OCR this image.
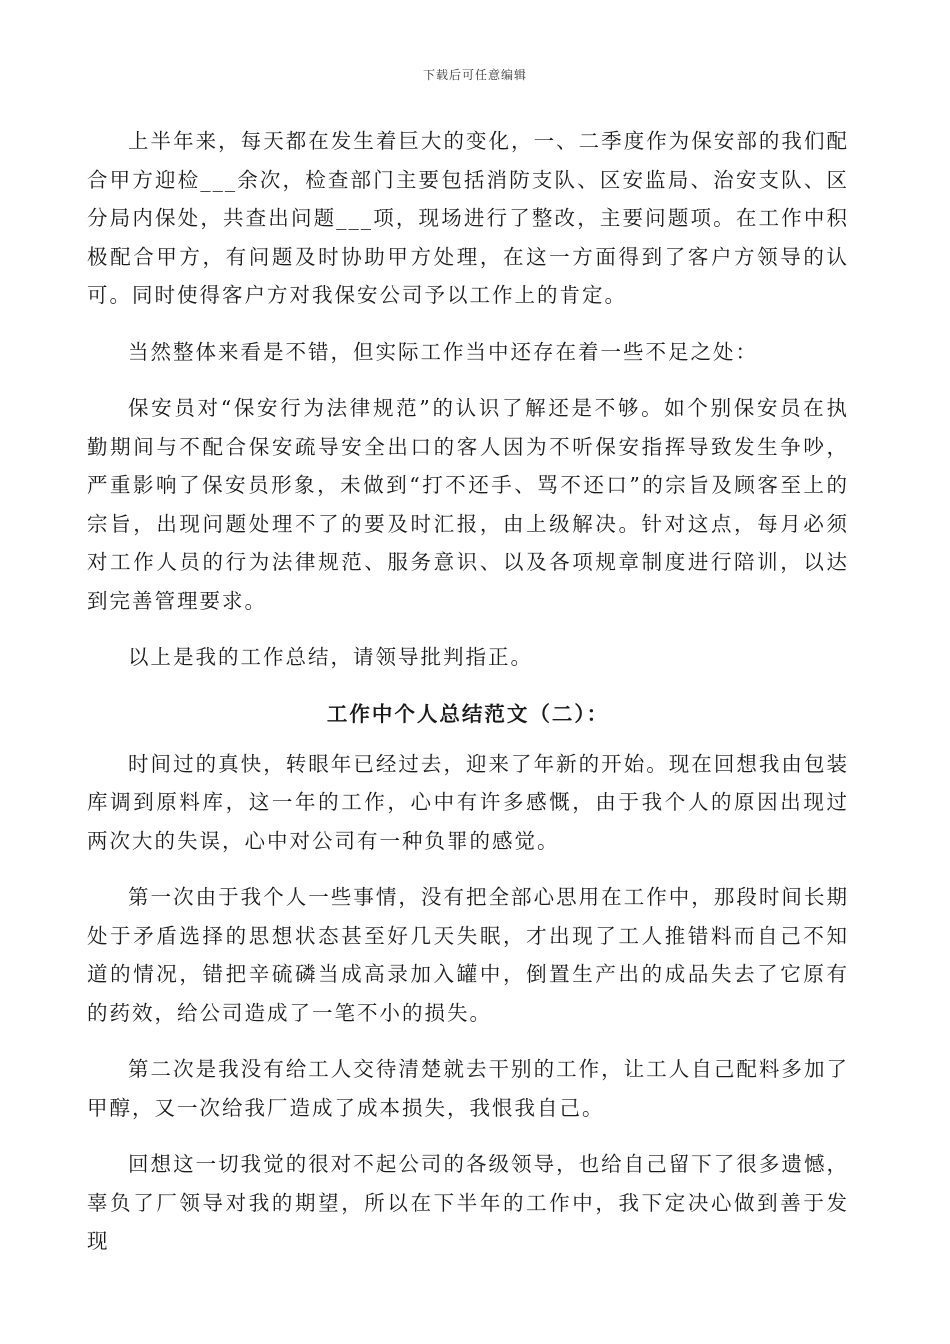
下载后可任意编辑

上半年来，每天都在发生着巨大的变化，一、二季度作为保安部的我们配合甲方迎检___余次，检查部门主要包括消防支队、区安监局、治安支队、区分局内保处，共查出问题___项，现场进行了整改，主要问题项。在工作中积极配合甲方，有问题及时协助甲方处理，在这一方面得到了客户方领导的认可。同时使得客户方对我保安公司予以工作上的肯定。

当然整体来看是不错，但实际工作当中还存在着一些不足之处：

保安员对“保安行为法律规范”的认识了解还是不够。如个别保安员在执勤期间与不配合保安疏导安全出口的客人因为不听保安指挥导致发生争吵，严重影响了保安员形象，未做到“打不还手、骂不还口”的宗旨及顾客至上的宗旨，出现问题处理不了的要及时汇报，由上级解决。针对这点，每月必须对工作人员的行为法律规范、服务意识、以及各项规章制度进行陪训，以达到完善管理要求。

以上是我的工作总结，请领导批判指正。

工作中个人总结范文（二）：

时间过的真快，转眼年已经过去，迎来了年新的开始。现在回想我由包装库调到原料库，这一年的工作，心中有许多感慨，由于我个人的原因出现过两次大的失误，心中对公司有一种负罪的感觉。

第一次由于我个人一些事情，没有把全部心思用在工作中，那段时间长期处于矛盾选择的思想状态甚至好几天失眠，才出现了工人推错料而自己不知道的情况，错把辛硫磷当成高录加入罐中，倒置生产出的成品失去了它原有的药效，给公司造成了一笔不小的损失。

第二次是我没有给工人交待清楚就去干别的工作，让工人自己配料多加了甲醇，又一次给我厂造成了成本损失，我恨我自己。

回想这一切我觉的很对不起公司的各级领导，也给自己留下了很多遗憾，辜负了厂领导对我的期望，所以在下半年的工作中，我下定决心做到善于发现
